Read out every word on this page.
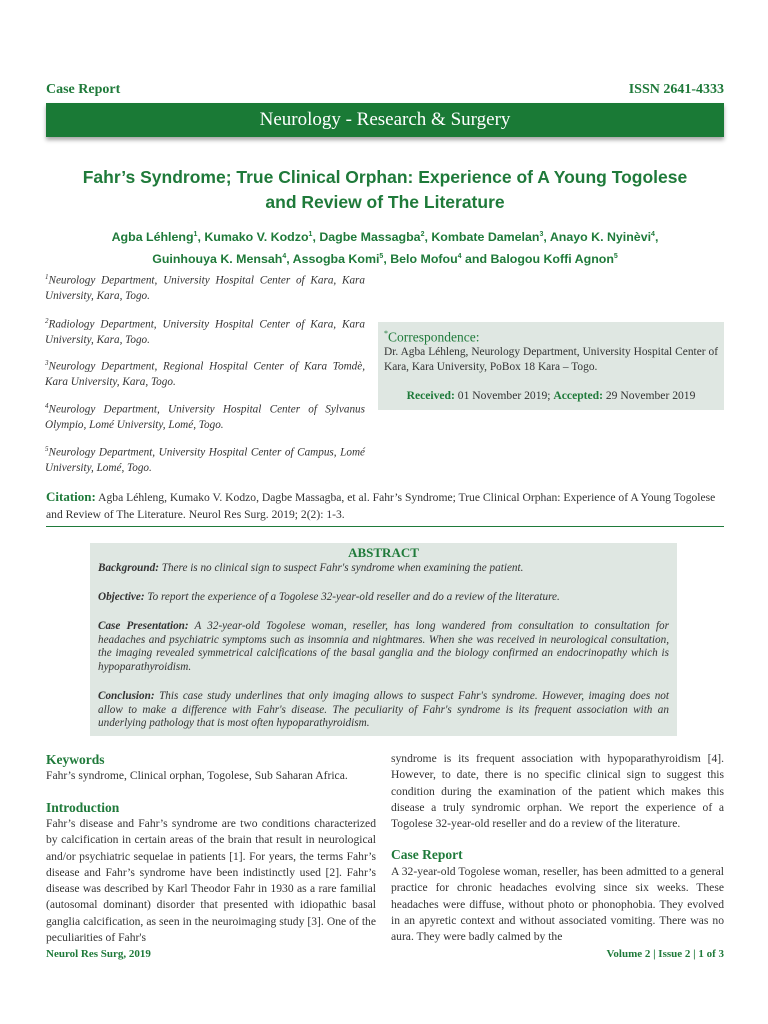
Case Report	ISSN 2641-4333
Neurology - Research & Surgery
Fahr’s Syndrome; True Clinical Orphan: Experience of A Young Togolese
and Review of The Literature
Agba Léhleng$^1$, Kumako V. Kodzo$^1$, Dagbe Massagba$^2$, Kombate Damelan$^3$, Anayo K. Nyinèvi$^4$,
Guinhouya K. Mensah$^4$, Assogba Komi$^5$, Belo Mofou$^4$ and Balogou Koffi Agnon$^5$
$^1$Neurology Department, University Hospital Center of Kara, Kara University, Kara, Togo.
$^2$Radiology Department, University Hospital Center of Kara, Kara University, Kara, Togo.
$^3$Neurology Department, Regional Hospital Center of Kara Tomdè, Kara University, Kara, Togo.
$^4$Neurology Department, University Hospital Center of Sylvanus Olympio, Lomé University, Lomé, Togo.
$^5$Neurology Department, University Hospital Center of Campus, Lomé University, Lomé, Togo.
*Correspondence:
Dr. Agba Léhleng, Neurology Department, University Hospital Center of Kara, Kara University, PoBox 18 Kara – Togo.
Received: 01 November 2019; Accepted: 29 November 2019
Citation: Agba Léhleng, Kumako V. Kodzo, Dagbe Massagba, et al. Fahr’s Syndrome; True Clinical Orphan: Experience of A Young Togolese and Review of The Literature. Neurol Res Surg. 2019; 2(2): 1-3.
ABSTRACT
Background: There is no clinical sign to suspect Fahr's syndrome when examining the patient.
Objective: To report the experience of a Togolese 32-year-old reseller and do a review of the literature.
Case Presentation: A 32-year-old Togolese woman, reseller, has long wandered from consultation to consultation for headaches and psychiatric symptoms such as insomnia and nightmares. When she was received in neurological consultation, the imaging revealed symmetrical calcifications of the basal ganglia and the biology confirmed an endocrinopathy which is hypoparathyroidism.
Conclusion: This case study underlines that only imaging allows to suspect Fahr's syndrome. However, imaging does not allow to make a difference with Fahr's disease. The peculiarity of Fahr's syndrome is its frequent association with an underlying pathology that is most often hypoparathyroidism.
Keywords
Fahr’s syndrome, Clinical orphan, Togolese, Sub Saharan Africa.
Introduction
Fahr’s disease and Fahr’s syndrome are two conditions characterized by calcification in certain areas of the brain that result in neurological and/or psychiatric sequelae in patients [1]. For years, the terms Fahr’s disease and Fahr’s syndrome have been indistinctly used [2]. Fahr’s disease was described by Karl Theodor Fahr in 1930 as a rare familial (autosomal dominant) disorder that presented with idiopathic basal ganglia calcification, as seen in the neuroimaging study [3]. One of the peculiarities of Fahr's
syndrome is its frequent association with hypoparathyroidism [4]. However, to date, there is no specific clinical sign to suggest this condition during the examination of the patient which makes this disease a truly syndromic orphan. We report the experience of a Togolese 32-year-old reseller and do a review of the literature.
Case Report
A 32-year-old Togolese woman, reseller, has been admitted to a general practice for chronic headaches evolving since six weeks. These headaches were diffuse, without photo or phonophobia. They evolved in an apyretic context and without associated vomiting. There was no aura. They were badly calmed by the
Neurol Res Surg, 2019	Volume 2 | Issue 2 | 1 of 3
